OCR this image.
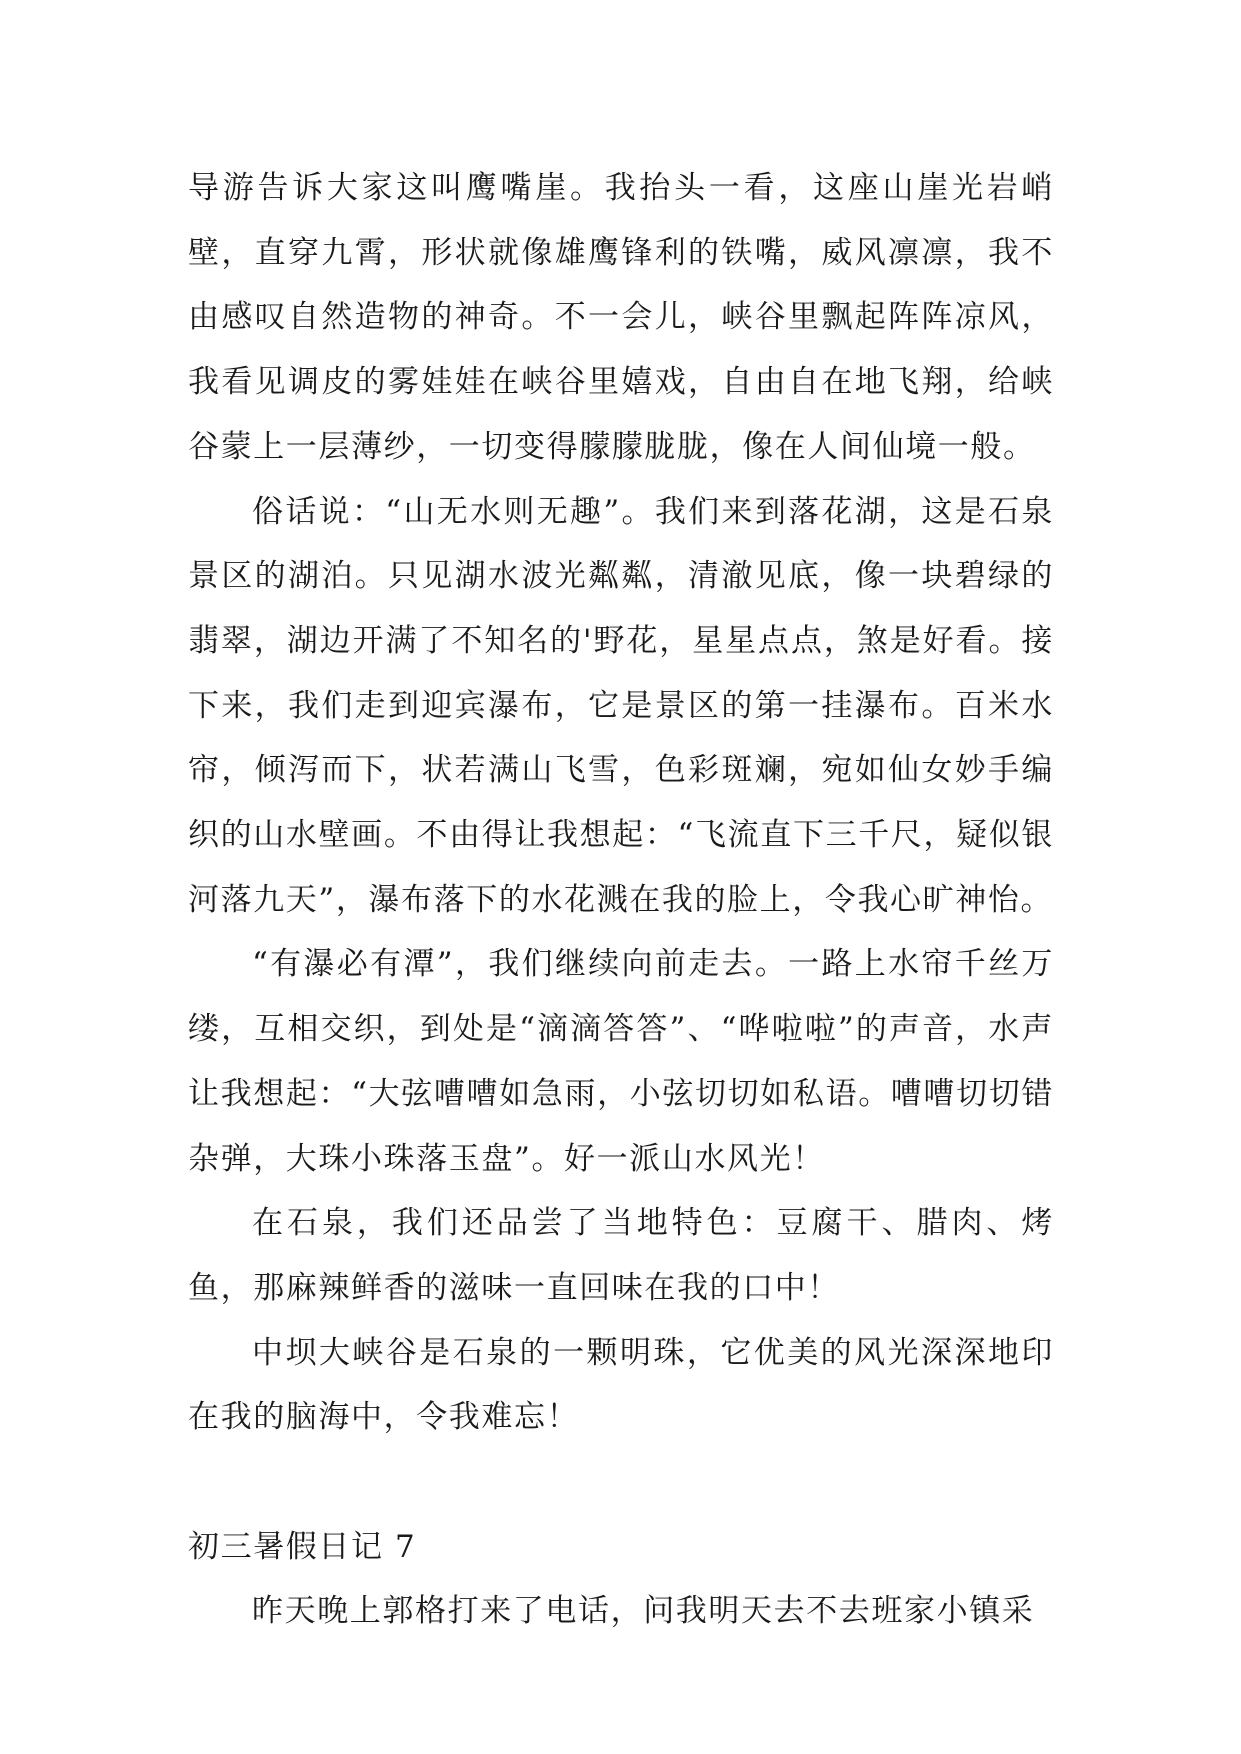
导游告诉大家这叫鹰嘴崖。我抬头一看，这座山崖光岩峭壁，直穿九霄，形状就像雄鹰锋利的铁嘴，威风凛凛，我不由感叹自然造物的神奇。不一会儿，峡谷里飘起阵阵凉风，我看见调皮的雾娃娃在峡谷里嬉戏，自由自在地飞翔，给峡谷蒙上一层薄纱，一切变得朦朦胧胧，像在人间仙境一般。

俗话说：“山无水则无趣”。我们来到落花湖，这是石泉景区的湖泊。只见湖水波光粼粼，清澈见底，像一块碧绿的翡翠，湖边开满了不知名的'野花，星星点点，煞是好看。接下来，我们走到迎宾瀑布，它是景区的第一挂瀑布。百米水帘，倾泻而下，状若满山飞雪，色彩斑斓，宛如仙女妙手编织的山水壁画。不由得让我想起：“飞流直下三千尺，疑似银河落九天”，瀑布落下的水花溅在我的脸上，令我心旷神怡。

“有瀑必有潭”，我们继续向前走去。一路上水帘千丝万缕，互相交织，到处是“滴滴答答”、“哗啦啦”的声音，水声让我想起：“大弦嘈嘈如急雨，小弦切切如私语。嘈嘈切切错杂弹，大珠小珠落玉盘”。好一派山水风光！

在石泉，我们还品尝了当地特色：豆腐干、腊肉、烤鱼，那麻辣鲜香的滋味一直回味在我的口中！

中坝大峡谷是石泉的一颗明珠，它优美的风光深深地印在我的脑海中，令我难忘！

初三暑假日记 7

昨天晚上郭格打来了电话，问我明天去不去班家小镇采
